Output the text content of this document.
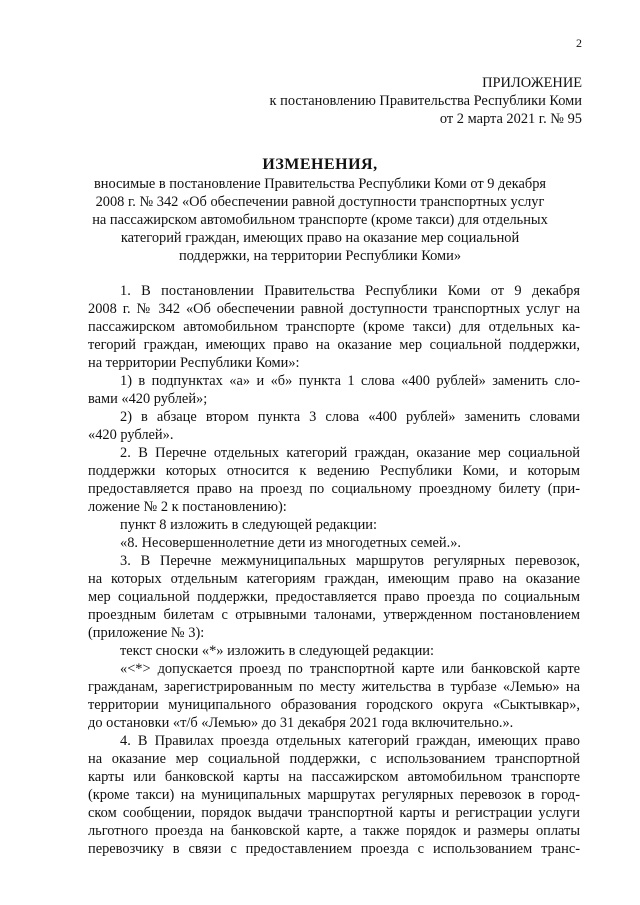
2
ПРИЛОЖЕНИЕ
к постановлению Правительства Республики Коми
от 2 марта 2021 г. № 95
ИЗМЕНЕНИЯ,
вносимые в постановление Правительства Республики Коми от 9 декабря
2008 г. № 342 «Об обеспечении равной доступности транспортных услуг
на пассажирском автомобильном транспорте (кроме такси) для отдельных
категорий граждан, имеющих право на оказание мер социальной
поддержки, на территории Республики Коми»
1. В постановлении Правительства Республики Коми от 9 декабря
2008 г. № 342 «Об обеспечении равной доступности транспортных услуг на
пассажирском автомобильном транспорте (кроме такси) для отдельных ка-
тегорий граждан, имеющих право на оказание мер социальной поддержки,
на территории Республики Коми»:
1) в подпунктах «а» и «б» пункта 1 слова «400 рублей» заменить сло-
вами «420 рублей»;
2) в абзаце втором пункта 3 слова «400 рублей» заменить словами
«420 рублей».
2. В Перечне отдельных категорий граждан, оказание мер социальной
поддержки которых относится к ведению Республики Коми, и которым
предоставляется право на проезд по социальному проездному билету (при-
ложение № 2 к постановлению):
пункт 8 изложить в следующей редакции:
«8. Несовершеннолетние дети из многодетных семей.».
3. В Перечне межмуниципальных маршрутов регулярных перевозок,
на которых отдельным категориям граждан, имеющим право на оказание
мер социальной поддержки, предоставляется право проезда по социальным
проездным билетам с отрывными талонами, утвержденном постановлением
(приложение № 3):
текст сноски «*» изложить в следующей редакции:
«<*> допускается проезд по транспортной карте или банковской карте
гражданам, зарегистрированным по месту жительства в турбазе «Лемью» на
территории муниципального образования городского округа «Сыктывкар»,
до остановки «т/б «Лемью» до 31 декабря 2021 года включительно.».
4. В Правилах проезда отдельных категорий граждан, имеющих право
на оказание мер социальной поддержки, с использованием транспортной
карты или банковской карты на пассажирском автомобильном транспорте
(кроме такси) на муниципальных маршрутах регулярных перевозок в город-
ском сообщении, порядок выдачи транспортной карты и регистрации услуги
льготного проезда на банковской карте, а также порядок и размеры оплаты
перевозчику в связи с предоставлением проезда с использованием транс-
